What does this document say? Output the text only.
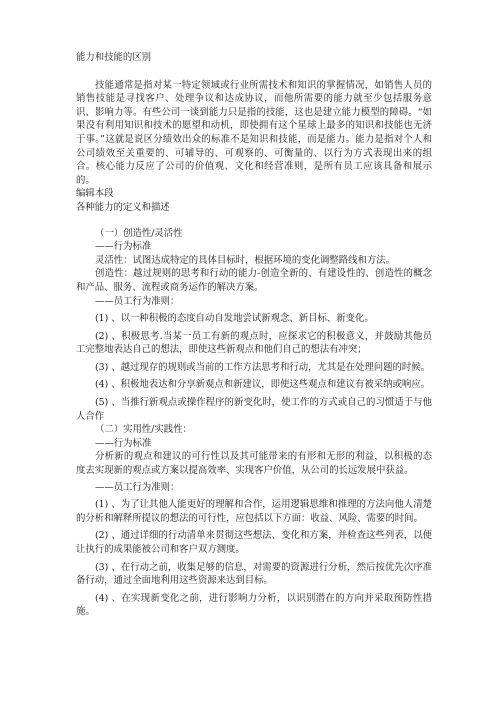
能力和技能的区别

技能通常是指对某一特定领域或行业所需技术和知识的掌握情况，如销售人员的销售技能是寻找客户、处理争议和达成协议，而他所需要的能力就至少包括服务意识、影响力等。有些公司一谈到能力只是指的技能，这也是建立能力模型的障碍。“如果没有利用知识和技术的愿望和动机，即使拥有这个星球上最多的知识和技能也无济于事。”这就是说区分绩效出众的标准不是知识和技能，而是能力。能力是指对个人和公司绩效至关重要的、可辅导的、可观察的、可衡量的、以行为方式表现出来的组合。核心能力反应了公司的价值观、文化和经营准则，是所有员工应该具备和展示的。

编辑本段

各种能力的定义和描述

（一）创造性/灵活性

——行为标准

灵活性：试图达成特定的具体目标时，根据环境的变化调整路线和方法。

创造性：越过规则的思考和行动的能力-创造全新的、有建设性的、创造性的概念和产品、服务、流程或商务运作的解决方案。

——员工行为准则：

(1) 、以一种积极的态度自动自发地尝试新观念、新目标、新变化。

(2) 、积极思考.当某一员工有新的观点时，应探求它的积极意义，并鼓励其他员工完整地表达自己的想法，即使这些新观点和他们自己的想法有冲突；

(3) 、越过现存的规则或当前的工作方法思考和行动，尤其是在处理问题的时候。

(4) 、积极地表达和分享新观点和新建议，即使这些观点和建议有被采纳或响应。

(5) 、当推行新观点或操作程序的新变化时，使工作的方式或自己的习惯适于与他人合作

（二）实用性/实践性：

——行为标准

分析新的观点和建议的可行性以及其可能带来的有形和无形的利益，以积极的态度去实现新的观点或方案以提高效率、实现客户价值，从公司的长远发展中获益。

——员工行为准则：

(1) 、为了让其他人能更好的理解和合作，运用逻辑思维和推理的方法向他人清楚的分析和解释所提议的想法的可行性，应包括以下方面：收益、风险、需要的时间。

(2) 、通过详细的行动清单来贯彻这些想法、变化和方案，并检查这些列表，以便让执行的成果能被公司和客户双方测度。

(3) 、在行动之前，收集足够的信息，对需要的资源进行分析，然后按优先次序准备行动，通过全面地利用这些资源来达到目标。

(4) 、在实现新变化之前，进行影响力分析，以识别潜在的方向并采取预防性措施。
